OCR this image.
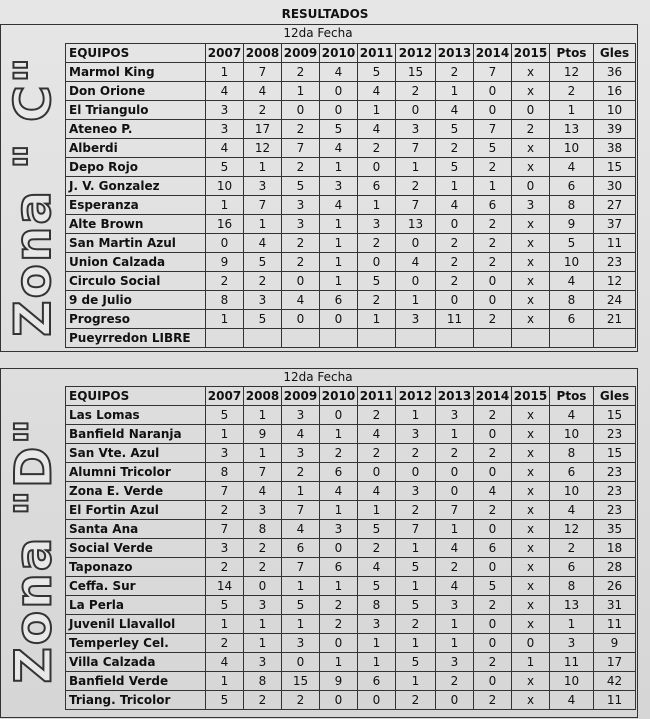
RESULTADOS
12da Fecha
Zona " C"
EQUIPOS	2007	2008	2009	2010	2011	2012	2013	2014	2015	Ptos	Gles
Marmol King	1	7	2	4	5	15	2	7	x	12	36
Don Orione	4	4	1	0	4	2	1	0	x	2	16
El Triangulo	3	2	0	0	1	0	4	0	0	1	10
Ateneo P.	3	17	2	5	4	3	5	7	2	13	39
Alberdi	4	12	7	4	2	7	2	5	x	10	38
Depo Rojo	5	1	2	1	0	1	5	2	x	4	15
J. V. Gonzalez	10	3	5	3	6	2	1	1	0	6	30
Esperanza	1	7	3	4	1	7	4	6	3	8	27
Alte Brown	16	1	3	1	3	13	0	2	x	9	37
San Martin Azul	0	4	2	1	2	0	2	2	x	5	11
Union Calzada	9	5	2	1	0	4	2	2	x	10	23
Circulo Social	2	2	0	1	5	0	2	0	x	4	12
9 de Julio	8	3	4	6	2	1	0	0	x	8	24
Progreso	1	5	0	0	1	3	11	2	x	6	21
Pueyrredon LIBRE											
12da Fecha
Zona "D"
EQUIPOS	2007	2008	2009	2010	2011	2012	2013	2014	2015	Ptos	Gles
Las Lomas	5	1	3	0	2	1	3	2	x	4	15
Banfield Naranja	1	9	4	1	4	3	1	0	x	10	23
San Vte. Azul	3	1	3	2	2	2	2	2	x	8	15
Alumni Tricolor	8	7	2	6	0	0	0	0	x	6	23
Zona E. Verde	7	4	1	4	4	3	0	4	x	10	23
El Fortin Azul	2	3	7	1	1	2	7	2	x	4	23
Santa Ana	7	8	4	3	5	7	1	0	x	12	35
Social Verde	3	2	6	0	2	1	4	6	x	2	18
Taponazo	2	2	7	6	4	5	2	0	x	6	28
Ceffa. Sur	14	0	1	1	5	1	4	5	x	8	26
La Perla	5	3	5	2	8	5	3	2	x	13	31
Juvenil Llavallol	1	1	1	2	3	2	1	0	x	1	11
Temperley Cel.	2	1	3	0	1	1	1	0	0	3	9
Villa Calzada	4	3	0	1	1	5	3	2	1	11	17
Banfield Verde	1	8	15	9	6	1	2	0	x	10	42
Triang. Tricolor	5	2	2	0	0	2	0	2	x	4	11
